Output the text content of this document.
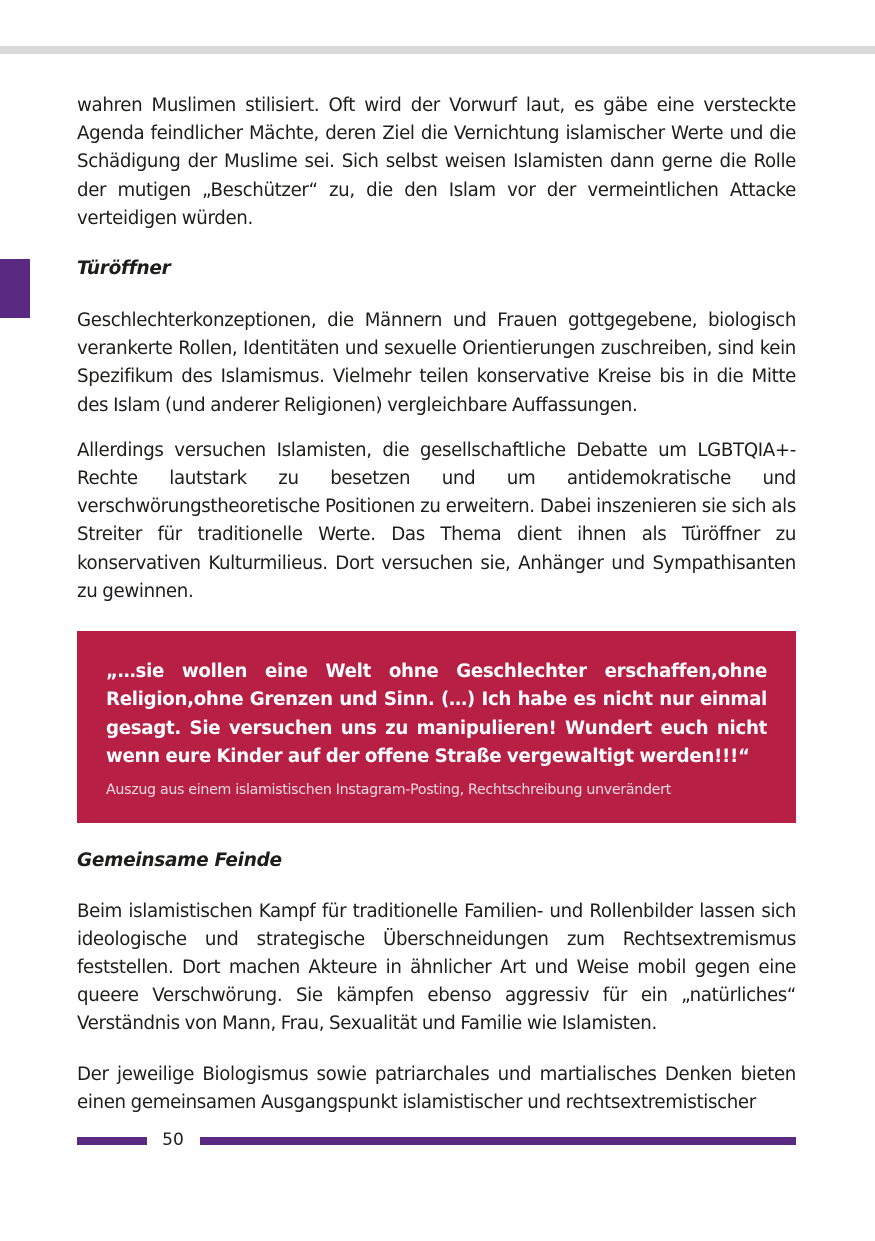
wahren Muslimen stilisiert. Oft wird der Vorwurf laut, es gäbe eine versteckte Agenda feindlicher Mächte, deren Ziel die Vernichtung islamischer Werte und die Schädigung der Muslime sei. Sich selbst weisen Islamisten dann gerne die Rolle der mutigen „Beschützer“ zu, die den Islam vor der vermeintlichen Attacke verteidigen würden.

Türöffner

Geschlechterkonzeptionen, die Männern und Frauen gottgegebene, biologisch verankerte Rollen, Identitäten und sexuelle Orientierungen zuschreiben, sind kein Spezifikum des Islamismus. Vielmehr teilen konservative Kreise bis in die Mitte des Islam (und anderer Religionen) vergleichbare Auffassungen.

Allerdings versuchen Islamisten, die gesellschaftliche Debatte um LGBTQIA+-Rechte lautstark zu besetzen und um antidemokratische und verschwörungstheoretische Positionen zu erweitern. Dabei inszenieren sie sich als Streiter für traditionelle Werte. Das Thema dient ihnen als Türöffner zu konservativen Kulturmilieus. Dort versuchen sie, Anhänger und Sympathisanten zu gewinnen.

„…sie wollen eine Welt ohne Geschlechter erschaffen,ohne Religion,ohne Grenzen und Sinn. (…) Ich habe es nicht nur einmal gesagt. Sie versuchen uns zu manipulieren! Wundert euch nicht wenn eure Kinder auf der offene Straße vergewaltigt werden!!!“
Auszug aus einem islamistischen Instagram-Posting, Rechtschreibung unverändert
Gemeinsame Feinde

Beim islamistischen Kampf für traditionelle Familien- und Rollenbilder lassen sich ideologische und strategische Überschneidungen zum Rechtsextremismus feststellen. Dort machen Akteure in ähnlicher Art und Weise mobil gegen eine queere Verschwörung. Sie kämpfen ebenso aggressiv für ein „natürliches“ Verständnis von Mann, Frau, Sexualität und Familie wie Islamisten.

Der jeweilige Biologismus sowie patriarchales und martialisches Denken bieten einen gemeinsamen Ausgangspunkt islamistischer und rechtsextremistischer

50
